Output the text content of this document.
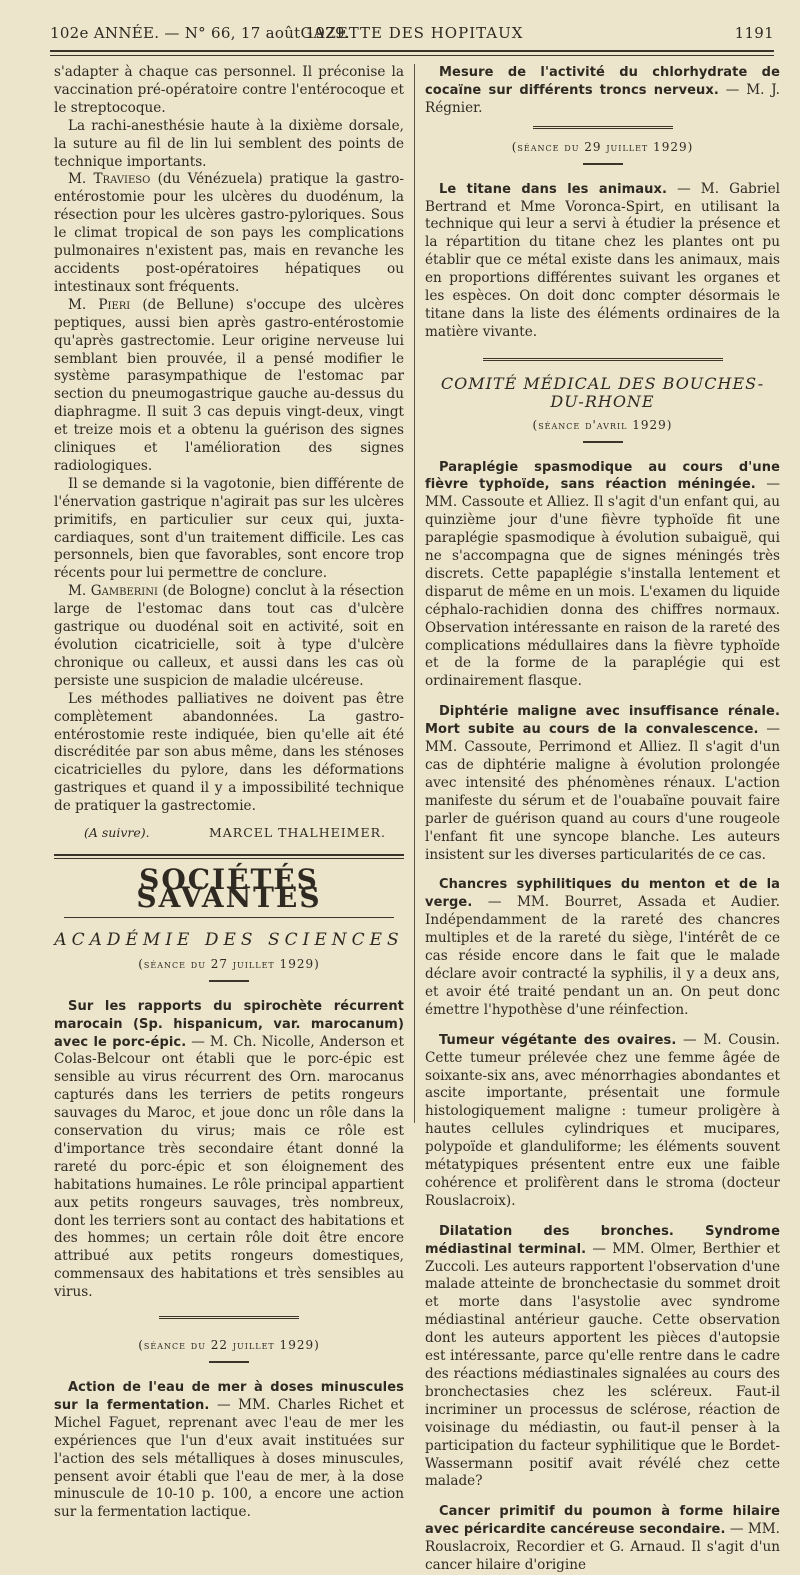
102e ANNÉE. — N° 66, 17 août 1929.
GAZETTE DES HOPITAUX	1191

s'adapter à chaque cas personnel. Il préconise la vaccination pré-opératoire contre l'entérocoque et le streptocoque.

La rachi-anesthésie haute à la dixième dorsale, la suture au fil de lin lui semblent des points de technique importants.

M. Travieso (du Vénézuela) pratique la gastro-entérostomie pour les ulcères du duodénum, la résection pour les ulcères gastro-pyloriques. Sous le climat tropical de son pays les complications pulmonaires n'existent pas, mais en revanche les accidents post-opératoires hépatiques ou intestinaux sont fréquents.

M. Pieri (de Bellune) s'occupe des ulcères peptiques, aussi bien après gastro-entérostomie qu'après gastrectomie. Leur origine nerveuse lui semblant bien prouvée, il a pensé modifier le système parasympathique de l'estomac par section du pneumogastrique gauche au-dessus du diaphragme. Il suit 3 cas depuis vingt-deux, vingt et treize mois et a obtenu la guérison des signes cliniques et l'amélioration des signes radiologiques.

Il se demande si la vagotonie, bien différente de l'énervation gastrique n'agirait pas sur les ulcères primitifs, en particulier sur ceux qui, juxta-cardiaques, sont d'un traitement difficile. Les cas personnels, bien que favorables, sont encore trop récents pour lui permettre de conclure.

M. Gamberini (de Bologne) conclut à la résection large de l'estomac dans tout cas d'ulcère gastrique ou duodénal soit en activité, soit en évolution cicatricielle, soit à type d'ulcère chronique ou calleux, et aussi dans les cas où persiste une suspicion de maladie ulcéreuse.

Les méthodes palliatives ne doivent pas être complètement abandonnées. La gastro-entérostomie reste indiquée, bien qu'elle ait été discréditée par son abus même, dans les sténoses cicatricielles du pylore, dans les déformations gastriques et quand il y a impossibilité technique de pratiquer la gastrectomie.

(A suivre).	MARCEL THALHEIMER.
SOCIÉTÉS SAVANTES
ACADÉMIE DES SCIENCES
(séance du 27 juillet 1929)

Sur les rapports du spirochète récurrent marocain (Sp. hispanicum, var. marocanum) avec le porc-épic. — M. Ch. Nicolle, Anderson et Colas-Belcour ont établi que le porc-épic est sensible au virus récurrent des Orn. marocanus capturés dans les terriers de petits rongeurs sauvages du Maroc, et joue donc un rôle dans la conservation du virus; mais ce rôle est d'importance très secondaire étant donné la rareté du porc-épic et son éloignement des habitations humaines. Le rôle principal appartient aux petits rongeurs sauvages, très nombreux, dont les terriers sont au contact des habitations et des hommes; un certain rôle doit être encore attribué aux petits rongeurs domestiques, commensaux des habitations et très sensibles au virus.

(séance du 22 juillet 1929)

Action de l'eau de mer à doses minuscules sur la fermentation. — MM. Charles Richet et Michel Faguet, reprenant avec l'eau de mer les expériences que l'un d'eux avait instituées sur l'action des sels métalliques à doses minuscules, pensent avoir établi que l'eau de mer, à la dose minuscule de 10-10 p. 100, a encore une action sur la fermentation lactique.

Mesure de l'activité du chlorhydrate de cocaïne sur différents troncs nerveux. — M. J. Régnier.

(séance du 29 juillet 1929)

Le titane dans les animaux. — M. Gabriel Bertrand et Mme Voronca-Spirt, en utilisant la technique qui leur a servi à étudier la présence et la répartition du titane chez les plantes ont pu établir que ce métal existe dans les animaux, mais en proportions différentes suivant les organes et les espèces. On doit donc compter désormais le titane dans la liste des éléments ordinaires de la matière vivante.

COMITÉ MÉDICAL DES BOUCHES-DU-RHONE
(séance d'avril 1929)

Paraplégie spasmodique au cours d'une fièvre typhoïde, sans réaction méningée. — MM. Cassoute et Alliez. Il s'agit d'un enfant qui, au quinzième jour d'une fièvre typhoïde fit une paraplégie spasmodique à évolution subaiguë, qui ne s'accompagna que de signes méningés très discrets. Cette papaplégie s'installa lentement et disparut de même en un mois. L'examen du liquide céphalo-rachidien donna des chiffres normaux. Observation intéressante en raison de la rareté des complications médullaires dans la fièvre typhoïde et de la forme de la paraplégie qui est ordinairement flasque.

Diphtérie maligne avec insuffisance rénale. Mort subite au cours de la convalescence. — MM. Cassoute, Perrimond et Alliez. Il s'agit d'un cas de diphtérie maligne à évolution prolongée avec intensité des phénomènes rénaux. L'action manifeste du sérum et de l'ouabaïne pouvait faire parler de guérison quand au cours d'une rougeole l'enfant fit une syncope blanche. Les auteurs insistent sur les diverses particularités de ce cas.

Chancres syphilitiques du menton et de la verge. — MM. Bourret, Assada et Audier. Indépendamment de la rareté des chancres multiples et de la rareté du siège, l'intérêt de ce cas réside encore dans le fait que le malade déclare avoir contracté la syphilis, il y a deux ans, et avoir été traité pendant un an. On peut donc émettre l'hypothèse d'une réinfection.

Tumeur végétante des ovaires. — M. Cousin. Cette tumeur prélevée chez une femme âgée de soixante-six ans, avec ménorrhagies abondantes et ascite importante, présentait une formule histologiquement maligne : tumeur proligère à hautes cellules cylindriques et mucipares, polypoïde et glanduliforme; les éléments souvent métatypiques présentent entre eux une faible cohérence et prolifèrent dans le stroma (docteur Rouslacroix).

Dilatation des bronches. Syndrome médiastinal terminal. — MM. Olmer, Berthier et Zuccoli. Les auteurs rapportent l'observation d'une malade atteinte de bronchectasie du sommet droit et morte dans l'asystolie avec syndrome médiastinal antérieur gauche. Cette observation dont les auteurs apportent les pièces d'autopsie est intéressante, parce qu'elle rentre dans le cadre des réactions médiastinales signalées au cours des bronchectasies chez les scléreux. Faut-il incriminer un processus de sclérose, réaction de voisinage du médiastin, ou faut-il penser à la participation du facteur syphilitique que le Bordet-Wassermann positif avait révélé chez cette malade?

Cancer primitif du poumon à forme hilaire avec péricardite cancéreuse secondaire. — MM. Rouslacroix, Recordier et G. Arnaud. Il s'agit d'un cancer hilaire d'origine
